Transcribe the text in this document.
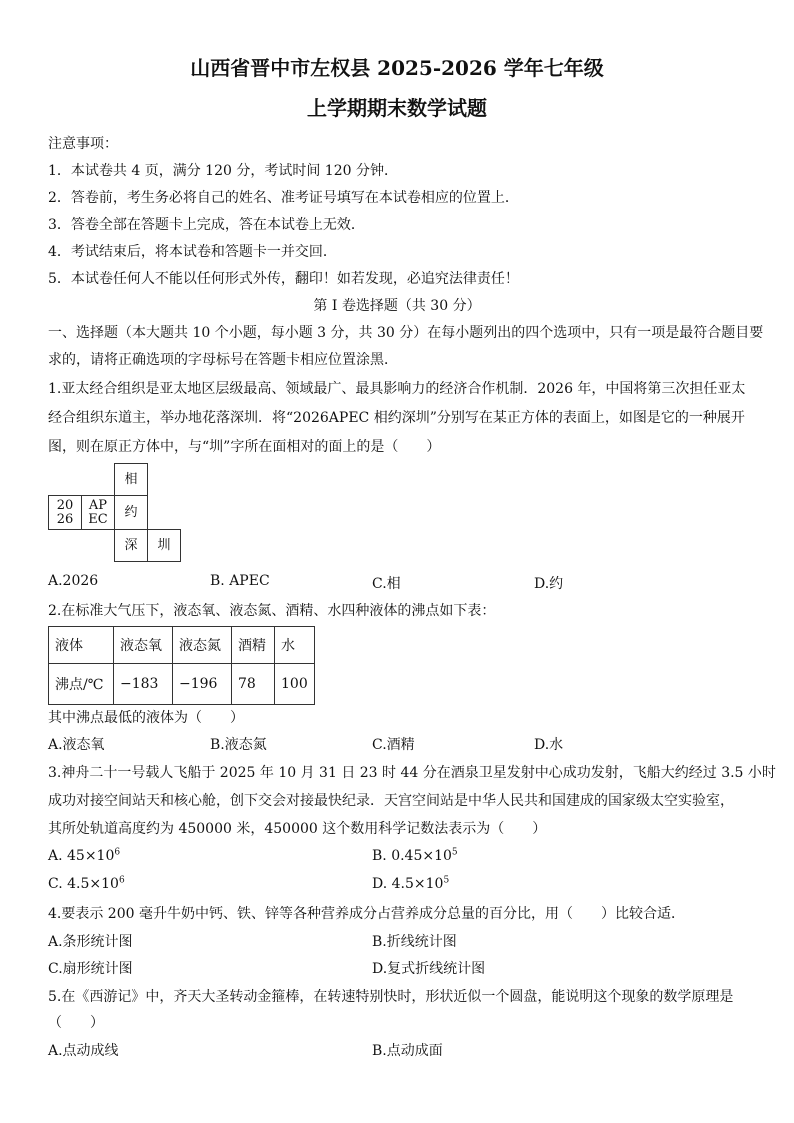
山西省晋中市左权县 2025-2026 学年七年级
上学期期末数学试题
注意事项：
1．本试卷共 4 页，满分 120 分，考试时间 120 分钟．
2．答卷前，考生务必将自己的姓名、准考证号填写在本试卷相应的位置上．
3．答卷全部在答题卡上完成，答在本试卷上无效．
4．考试结束后，将本试卷和答题卡一并交回．
5．本试卷任何人不能以任何形式外传，翻印！如若发现，必追究法律责任！
第 I 卷选择题（共 30 分）
一、选择题（本大题共 10 个小题，每小题 3 分，共 30 分）在每小题列出的四个选项中，只有一项是最符合题目要
求的，请将正确选项的字母标号在答题卡相应位置涂黑．
1.亚太经合组织是亚太地区层级最高、领域最广、最具影响力的经济合作机制．2026 年，中国将第三次担任亚太
经合组织东道主，举办地花落深圳．将“2026APEC 相约深圳”分别写在某正方体的表面上，如图是它的一种展开
图，则在原正方体中，与“圳”字所在面相对的面上的是（　　）
相
20
26
AP
EC	约
深	圳
A.2026	B. APEC	C.相	D.约
2.在标准大气压下，液态氧、液态氮、酒精、水四种液体的沸点如下表：
液体	液态氧	液态氮	酒精	水
沸点/℃	−183	−196	78	100
其中沸点最低的液体为（　　）
A.液态氧	B.液态氮	C.酒精	D.水
3.神舟二十一号载人飞船于 2025 年 10 月 31 日 23 时 44 分在酒泉卫星发射中心成功发射，飞船大约经过 3.5 小时
成功对接空间站天和核心舱，创下交会对接最快纪录．天宫空间站是中华人民共和国建成的国家级太空实验室，
其所处轨道高度约为 450000 米，450000 这个数用科学记数法表示为（　　）
A. $45\times 10^6$	B. $0.45\times 10^5$
C. $4.5\times 10^6$	D. $4.5\times 10^5$
4.要表示 200 毫升牛奶中钙、铁、锌等各种营养成分占营养成分总量的百分比，用（　　）比较合适．
A.条形统计图	B.折线统计图
C.扇形统计图	D.复式折线统计图
5.在《西游记》中，齐天大圣转动金箍棒，在转速特别快时，形状近似一个圆盘，能说明这个现象的数学原理是
（　　）
A.点动成线	B.点动成面
